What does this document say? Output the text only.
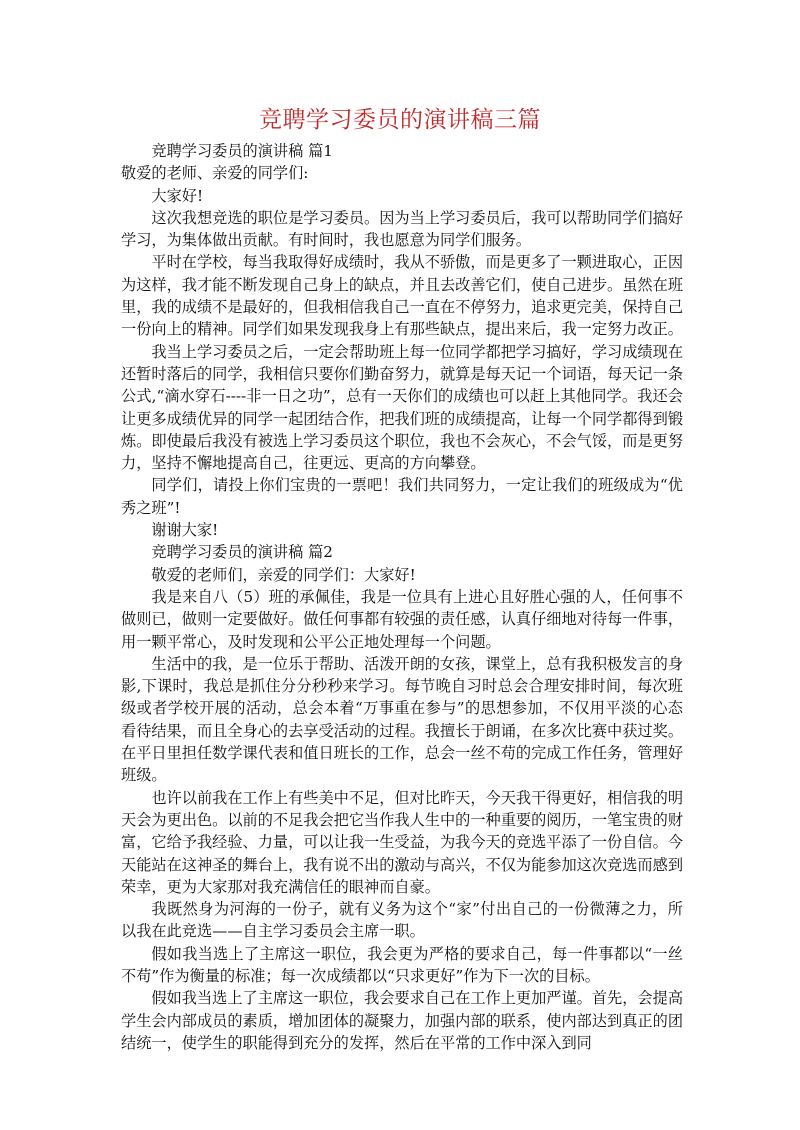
竞聘学习委员的演讲稿三篇

竞聘学习委员的演讲稿 篇1

敬爱的老师、亲爱的同学们:

大家好!

这次我想竞选的职位是学习委员。因为当上学习委员后，我可以帮助同学们搞好学习，为集体做出贡献。有时间时，我也愿意为同学们服务。

平时在学校，每当我取得好成绩时，我从不骄傲，而是更多了一颗进取心，正因为这样，我才能不断发现自己身上的缺点，并且去改善它们，使自己进步。虽然在班里，我的成绩不是最好的，但我相信我自己一直在不停努力，追求更完美，保持自己一份向上的精神。同学们如果发现我身上有那些缺点，提出来后，我一定努力改正。

我当上学习委员之后，一定会帮助班上每一位同学都把学习搞好，学习成绩现在还暂时落后的同学，我相信只要你们勤奋努力，就算是每天记一个词语，每天记一条公式,“滴水穿石----非一日之功”，总有一天你们的成绩也可以赶上其他同学。我还会让更多成绩优异的同学一起团结合作，把我们班的成绩提高，让每一个同学都得到锻炼。即使最后我没有被选上学习委员这个职位，我也不会灰心，不会气馁，而是更努力，坚持不懈地提高自己，往更远、更高的方向攀登。

同学们，请投上你们宝贵的一票吧！我们共同努力，一定让我们的班级成为“优秀之班”!

谢谢大家!

竞聘学习委员的演讲稿 篇2

敬爱的老师们，亲爱的同学们：大家好!

我是来自八（5）班的承佩佳，我是一位具有上进心且好胜心强的人，任何事不做则已，做则一定要做好。做任何事都有较强的责任感，认真仔细地对待每一件事，用一颗平常心，及时发现和公平公正地处理每一个问题。

生活中的我，是一位乐于帮助、活泼开朗的女孩，课堂上，总有我积极发言的身影,下课时，我总是抓住分分秒秒来学习。每节晚自习时总会合理安排时间，每次班级或者学校开展的活动，总会本着“万事重在参与”的思想参加，不仅用平淡的心态看待结果，而且全身心的去享受活动的过程。我擅长于朗诵，在多次比赛中获过奖。在平日里担任数学课代表和值日班长的工作，总会一丝不苟的完成工作任务，管理好班级。

也许以前我在工作上有些美中不足，但对比昨天，今天我干得更好，相信我的明天会为更出色。以前的不足我会把它当作我人生中的一种重要的阅历，一笔宝贵的财富，它给予我经验、力量，可以让我一生受益，为我今天的竞选平添了一份自信。今天能站在这神圣的舞台上，我有说不出的激动与高兴，不仅为能参加这次竞选而感到荣幸，更为大家那对我充满信任的眼神而自豪。

我既然身为河海的一份子，就有义务为这个“家”付出自己的一份微薄之力，所以我在此竞选——自主学习委员会主席一职。

假如我当选上了主席这一职位，我会更为严格的要求自己，每一件事都以“一丝不苟”作为衡量的标准；每一次成绩都以“只求更好”作为下一次的目标。

假如我当选上了主席这一职位，我会要求自己在工作上更加严谨。首先，会提高学生会内部成员的素质，增加团体的凝聚力，加强内部的联系，使内部达到真正的团结统一，使学生的职能得到充分的发挥，然后在平常的工作中深入到同
